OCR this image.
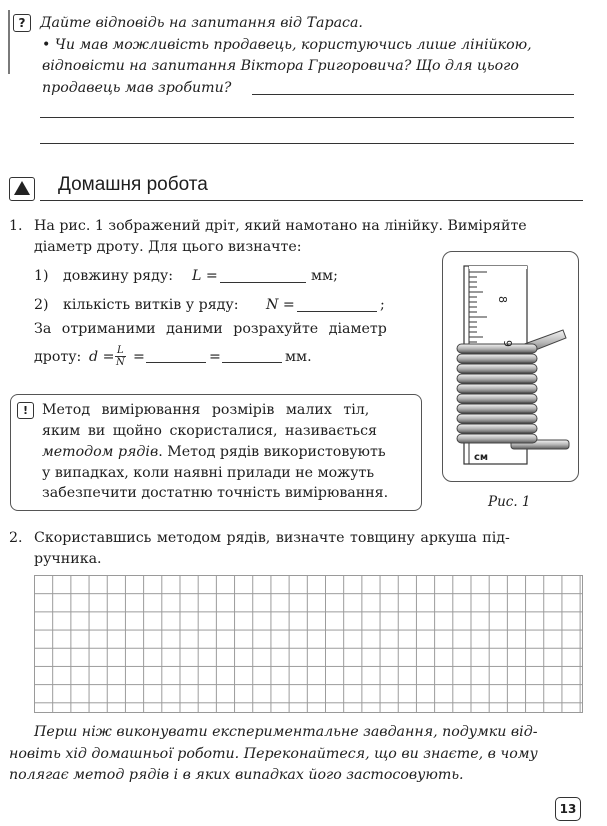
?	Дайте відповідь на запитання від Тараса.
• Чи мав можливість продавець, користуючись лише лінійкою,
відповісти на запитання Віктора Григоровича? Що для цього
продавець мав зробити?
Домашня робота
1. На рис. 1 зображений дріт, який намотано на лінійку. Виміряйте
діаметр дроту. Для цього визначте:
1) довжину ряду: L =	мм;
2) кількість витків у ряду: N =	;
За отриманими даними розрахуйте діаметр
дроту: $d = \frac{L}{N}$ =	=	мм.
! Метод вимірювання розмірів малих тіл,
яким ви щойно скористалися, називається
методом рядів. Метод рядів використовують
у випадках, коли наявні прилади не можуть
забезпечити достатню точність вимірювання.
8
9
см
Рис. 1
2. Скориставшись методом рядів, визначте товщину аркуша під-
ручника.
Перш ніж виконувати експериментальне завдання, подумки від-
новіть хід домашньої роботи. Переконайтеся, що ви знаєте, в чому
полягає метод рядів і в яких випадках його застосовують.
13
